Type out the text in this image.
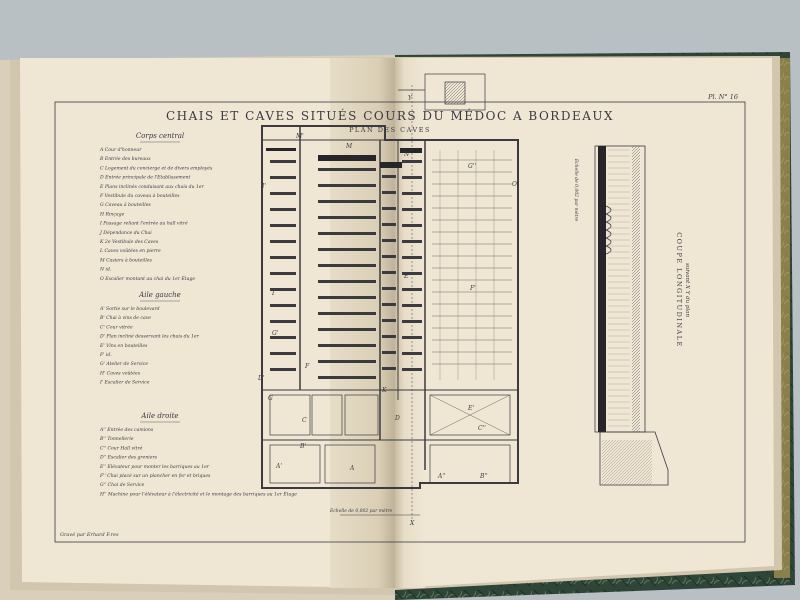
CHAIS ET CAVES SITUÉS COURS DU MÉDOC A BORDEAUX
PLAN DES CAVES
Pl. N° 16
Gravé par Erhard F.res
Corps central
A Cour d'honneur
B Entrée des bureaux
C Logement du concierge et de divers employés
D Entrée principale de l'Etablissement
E Plans inclinés conduisant aux chais du 1er
F Vestibule du caveau à bouteilles
G Caveau à bouteilles
H Rinçage
I Passage reliant l'entrée au hall vitré
J Dépendance du Chai
K 2e Vestibule des Caves
L Caves voûtées en pierre
M Casiers à bouteilles
N id.
O Escalier montant au chai du 1er Étage
Aile gauche
A' Sortie sur le boulevard
B' Chai à vins de cave
C' Cour vitrée
D' Plan incliné desservant les chais du 1er
E' Vins en bouteilles
F' id.
G' Atelier de Service
H' Caves voûtées
I' Escalier de Service
Aile droite
A'' Entrée des camions
B'' Tonnellerie
C'' Cour Hall vitré
D'' Escalier des greniers
E'' Elévateur pour monter les barriques au 1er
F'' Chai placé sur un plancher en fer et briques
G'' Chai de Service
H'' Machine pour l'élévateur à l'électricité et le montage des barriques au 1er Étage
M'
M
N
G''
F'
F
E
E'
C
C''
I
B'
A'	A
A''	B''
D
O
X
Y
G'
D'
G
I'
K
Echelle de 0,002 par mètre
COUPE LONGITUDINALE suivant X Y du plan
Echelle de 0,002 par mètre
